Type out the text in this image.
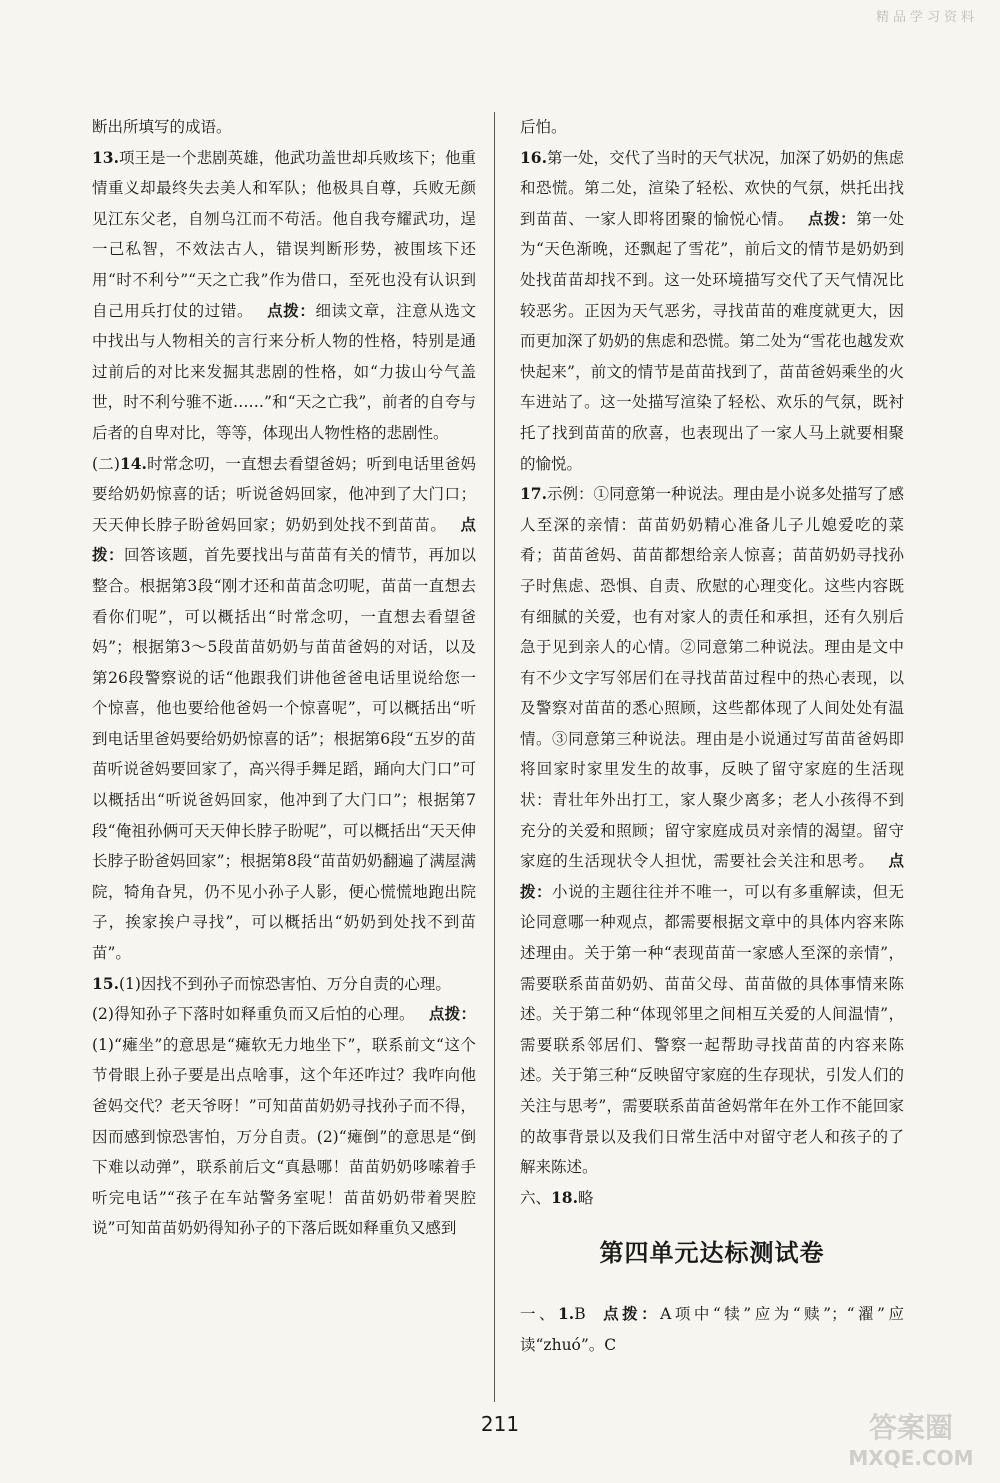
断出所填写的成语。

13.项王是一个悲剧英雄，他武功盖世却兵败垓下；他重情重义却最终失去美人和军队；他极具自尊，兵败无颜见江东父老，自刎乌江而不苟活。他自我夸耀武功，逞一己私智，不效法古人，错误判断形势，被围垓下还用“时不利兮”“天之亡我”作为借口，至死也没有认识到自己用兵打仗的过错。 点拨：细读文章，注意从选文中找出与人物相关的言行来分析人物的性格，特别是通过前后的对比来发掘其悲剧的性格，如“力拔山兮气盖世，时不利兮骓不逝……”和“天之亡我”，前者的自夸与后者的自卑对比，等等，体现出人物性格的悲剧性。

(二)14.时常念叨，一直想去看望爸妈；听到电话里爸妈要给奶奶惊喜的话；听说爸妈回家，他冲到了大门口；天天伸长脖子盼爸妈回家；奶奶到处找不到苗苗。 点拨：回答该题，首先要找出与苗苗有关的情节，再加以整合。根据第3段“刚才还和苗苗念叨呢，苗苗一直想去看你们呢”，可以概括出“时常念叨，一直想去看望爸妈”；根据第3～5段苗苗奶奶与苗苗爸妈的对话，以及第26段警察说的话“他跟我们讲他爸爸电话里说给您一个惊喜，他也要给他爸妈一个惊喜呢”，可以概括出“听到电话里爸妈要给奶奶惊喜的话”；根据第6段“五岁的苗苗听说爸妈要回家了，高兴得手舞足蹈，踊向大门口”可以概括出“听说爸妈回家，他冲到了大门口”；根据第7段“俺祖孙俩可天天伸长脖子盼呢”，可以概括出“天天伸长脖子盼爸妈回家”；根据第8段“苗苗奶奶翻遍了满屋满院，犄角旮旯，仍不见小孙子人影，便心慌慌地跑出院子，挨家挨户寻找”，可以概括出“奶奶到处找不到苗苗”。

15.(1)因找不到孙子而惊恐害怕、万分自责的心理。

(2)得知孙子下落时如释重负而又后怕的心理。 点拨：(1)“瘫坐”的意思是“瘫软无力地坐下”，联系前文“这个节骨眼上孙子要是出点啥事，这个年还咋过？我咋向他爸妈交代？老天爷呀！”可知苗苗奶奶寻找孙子而不得，因而感到惊恐害怕，万分自责。(2)“瘫倒”的意思是“倒下难以动弹”，联系前后文“真悬哪！苗苗奶奶哆嗦着手听完电话”“孩子在车站警务室呢！苗苗奶奶带着哭腔说”可知苗苗奶奶得知孙子的下落后既如释重负又感到

后怕。

16.第一处，交代了当时的天气状况，加深了奶奶的焦虑和恐慌。第二处，渲染了轻松、欢快的气氛，烘托出找到苗苗、一家人即将团聚的愉悦心情。 点拨：第一处为“天色渐晚，还飘起了雪花”，前后文的情节是奶奶到处找苗苗却找不到。这一处环境描写交代了天气情况比较恶劣。正因为天气恶劣，寻找苗苗的难度就更大，因而更加深了奶奶的焦虑和恐慌。第二处为“雪花也越发欢快起来”，前文的情节是苗苗找到了，苗苗爸妈乘坐的火车进站了。这一处描写渲染了轻松、欢乐的气氛，既衬托了找到苗苗的欣喜，也表现出了一家人马上就要相聚的愉悦。

17.示例：①同意第一种说法。理由是小说多处描写了感人至深的亲情：苗苗奶奶精心准备儿子儿媳爱吃的菜肴；苗苗爸妈、苗苗都想给亲人惊喜；苗苗奶奶寻找孙子时焦虑、恐惧、自责、欣慰的心理变化。这些内容既有细腻的关爱，也有对家人的责任和承担，还有久别后急于见到亲人的心情。②同意第二种说法。理由是文中有不少文字写邻居们在寻找苗苗过程中的热心表现，以及警察对苗苗的悉心照顾，这些都体现了人间处处有温情。③同意第三种说法。理由是小说通过写苗苗爸妈即将回家时家里发生的故事，反映了留守家庭的生活现状：青壮年外出打工，家人聚少离多；老人小孩得不到充分的关爱和照顾；留守家庭成员对亲情的渴望。留守家庭的生活现状令人担忧，需要社会关注和思考。 点拨：小说的主题往往并不唯一，可以有多重解读，但无论同意哪一种观点，都需要根据文章中的具体内容来陈述理由。关于第一种“表现苗苗一家感人至深的亲情”，需要联系苗苗奶奶、苗苗父母、苗苗做的具体事情来陈述。关于第二种“体现邻里之间相互关爱的人间温情”，需要联系邻居们、警察一起帮助寻找苗苗的内容来陈述。关于第三种“反映留守家庭的生存现状，引发人们的关注与思考”，需要联系苗苗爸妈常年在外工作不能回家的故事背景以及我们日常生活中对留守老人和孩子的了解来陈述。

六、18.略

第四单元达标测试卷

一、1.B 点拨：A项中“犊”应为“赎”；“濯”应读“zhuó”。C

211
精品学习资料
答案圈
MXQE.COM
